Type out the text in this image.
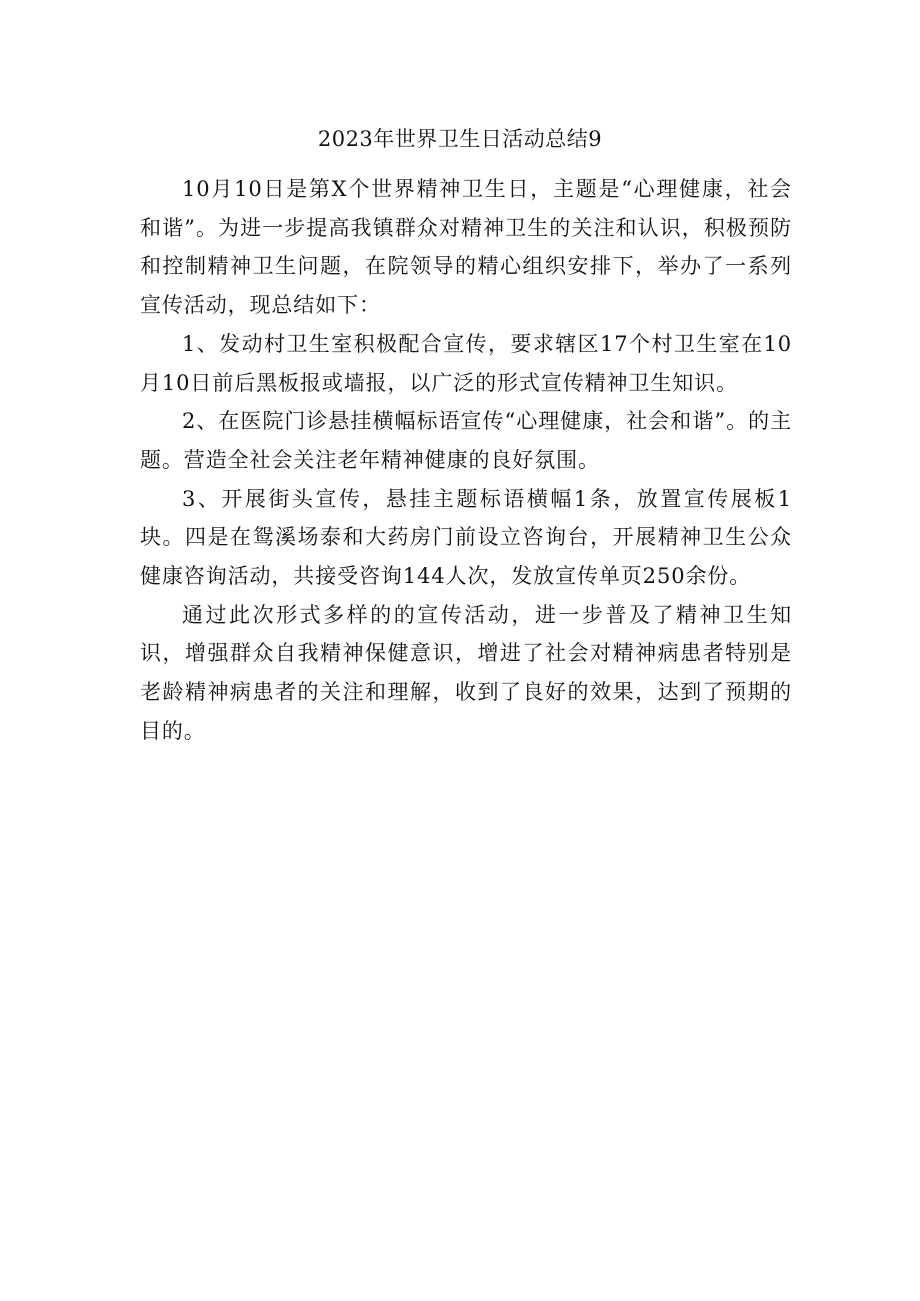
2023年世界卫生日活动总结9

10月10日是第X个世界精神卫生日，主题是“心理健康，社会和谐”。为进一步提高我镇群众对精神卫生的关注和认识，积极预防和控制精神卫生问题，在院领导的精心组织安排下，举办了一系列宣传活动，现总结如下：

1、发动村卫生室积极配合宣传，要求辖区17个村卫生室在10月10日前后黑板报或墙报，以广泛的形式宣传精神卫生知识。

2、在医院门诊悬挂横幅标语宣传“心理健康，社会和谐”。的主题。营造全社会关注老年精神健康的良好氛围。

3、开展街头宣传，悬挂主题标语横幅1条，放置宣传展板1块。四是在鸳溪场泰和大药房门前设立咨询台，开展精神卫生公众健康咨询活动，共接受咨询144人次，发放宣传单页250余份。

通过此次形式多样的的宣传活动，进一步普及了精神卫生知识，增强群众自我精神保健意识，增进了社会对精神病患者特别是老龄精神病患者的关注和理解，收到了良好的效果，达到了预期的目的。
